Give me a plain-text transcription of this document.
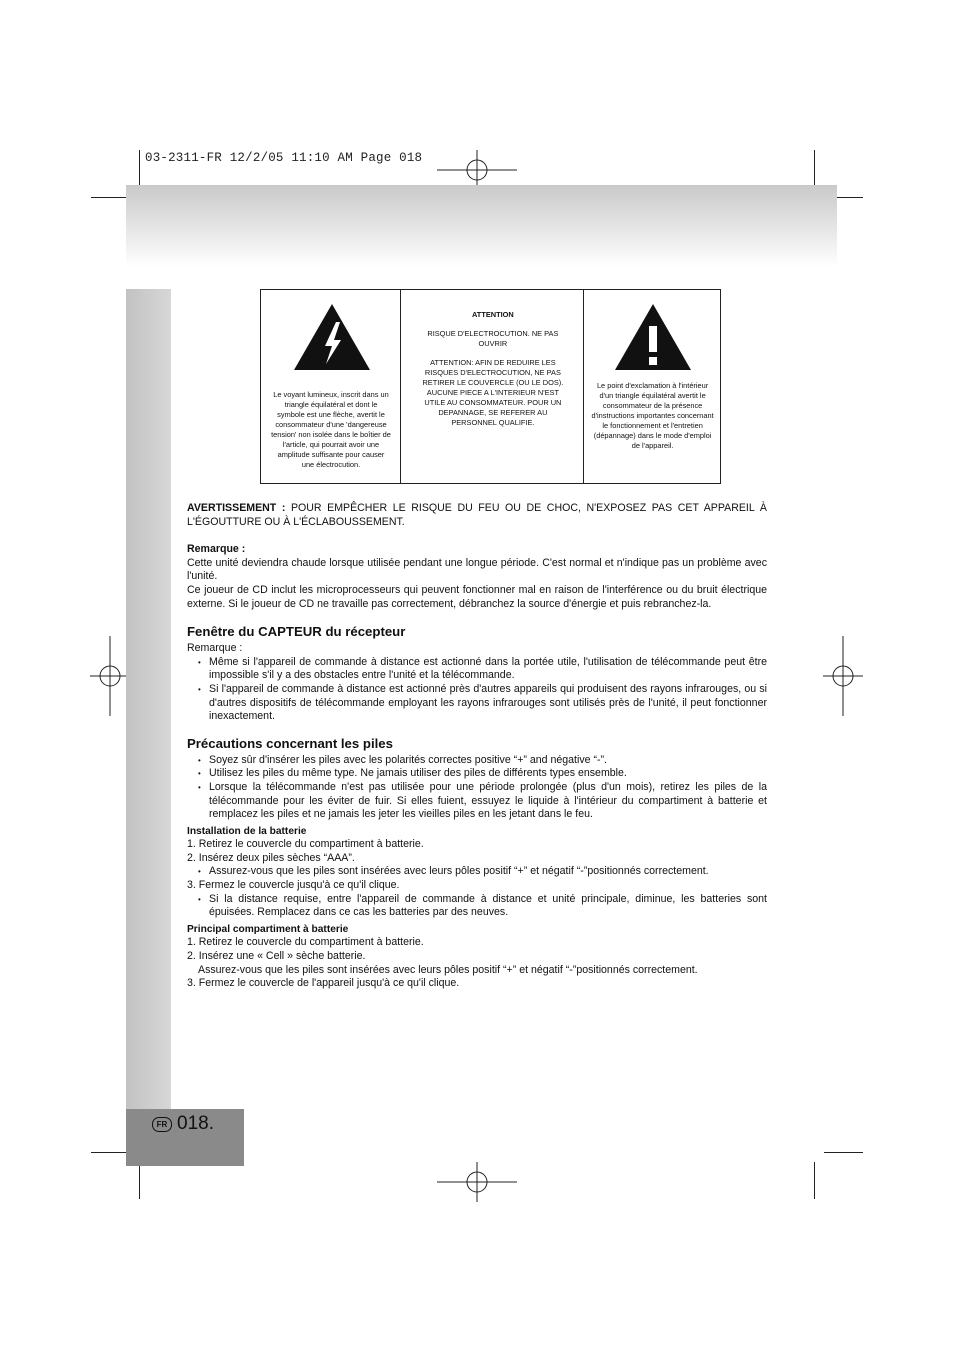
03-2311-FR 12/2/05 11:10 AM Page 018
FR 018.
Le voyant lumineux, inscrit dans un triangle équilatéral et dont le symbole est une flèche, avertit le consommateur d'une 'dangereuse tension' non isolée dans le boîtier de l'article, qui pourrait avoir une amplitude suffisante pour causer une électrocution.
ATTENTION
RISQUE D'ELECTROCUTION. NE PAS OUVRIR
ATTENTION: AFIN DE REDUIRE LES RISQUES D'ELECTROCUTION, NE PAS RETIRER LE COUVERCLE (OU LE DOS). AUCUNE PIECE A L'INTERIEUR N'EST UTILE AU CONSOMMATEUR. POUR UN DEPANNAGE, SE REFERER AU PERSONNEL QUALIFIE.
Le point d'exclamation à l'intérieur d'un triangle équilatéral avertit le consommateur de la présence d'instructions importantes concernant le fonctionnement et l'entretien (dépannage) dans le mode d'emploi de l'appareil.

AVERTISSEMENT : POUR EMPÊCHER LE RISQUE DU FEU OU DE CHOC, N'EXPOSEZ PAS CET APPAREIL À L'ÉGOUTTURE OU À L'ÉCLABOUSSEMENT.

Remarque :

Cette unité deviendra chaude lorsque utilisée pendant une longue période. C'est normal et n'indique pas un problème avec l'unité.

Ce joueur de CD inclut les microprocesseurs qui peuvent fonctionner mal en raison de l'interférence ou du bruit électrique externe. Si le joueur de CD ne travaille pas correctement, débranchez la source d'énergie et puis rebranchez-la.

Fenêtre du CAPTEUR du récepteur

Remarque :

• Même si l'appareil de commande à distance est actionné dans la portée utile, l'utilisation de télécommande peut être impossible s'il y a des obstacles entre l'unité et la télécommande.
• Si l'appareil de commande à distance est actionné près d'autres appareils qui produisent des rayons infrarouges, ou si d'autres dispositifs de télécommande employant les rayons infrarouges sont utilisés près de l'unité, il peut fonctionner inexactement.
Précautions concernant les piles
• Soyez sûr d'insérer les piles avec les polarités correctes positive “+” and négative “-”.
• Utilisez les piles du même type. Ne jamais utiliser des piles de différents types ensemble.
• Lorsque la télécommande n'est pas utilisée pour une période prolongée (plus d'un mois), retirez les piles de la télécommande pour les éviter de fuir. Si elles fuient, essuyez le liquide à l'intérieur du compartiment à batterie et remplacez les piles et ne jamais les jeter les vieilles piles en les jetant dans le feu.
Installation de la batterie
1. Retirez le couvercle du compartiment à batterie.
2. Insérez deux piles sèches “AAA”.
• Assurez-vous que les piles sont insérées avec leurs pôles positif “+” et négatif “-”positionnés correctement.
3. Fermez le couvercle jusqu'à ce qu'il clique.
• Si la distance requise, entre l'appareil de commande à distance et unité principale, diminue, les batteries sont épuisées. Remplacez dans ce cas les batteries par des neuves.
Principal compartiment à batterie
1. Retirez le couvercle du compartiment à batterie.
2. Insérez une « Cell » sèche batterie.
Assurez-vous que les piles sont insérées avec leurs pôles positif “+” et négatif “-”positionnés correctement.
3. Fermez le couvercle de l'appareil jusqu'à ce qu'il clique.
